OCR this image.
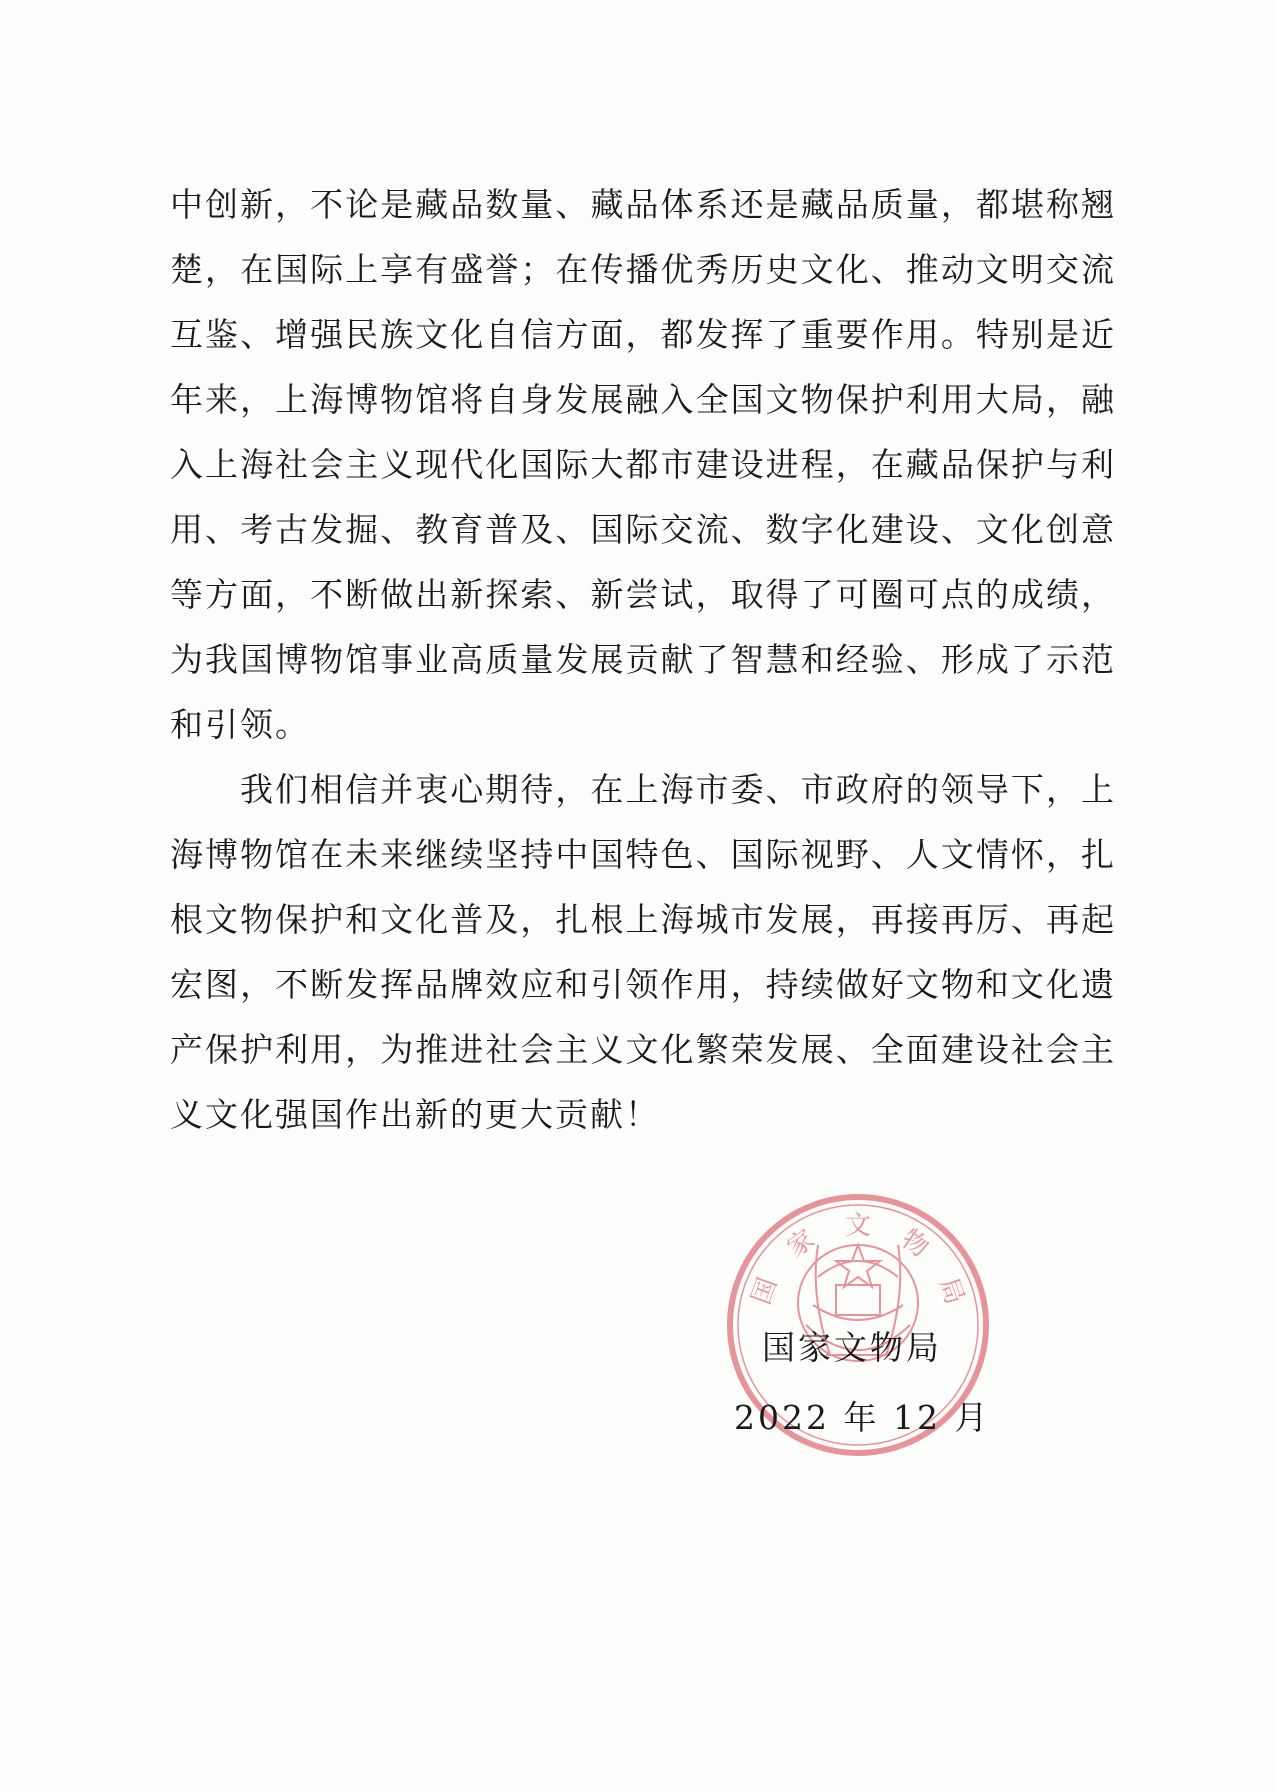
中创新，不论是藏品数量、藏品体系还是藏品质量，都堪称翘
楚，在国际上享有盛誉；在传播优秀历史文化、推动文明交流
互鉴、增强民族文化自信方面，都发挥了重要作用。特别是近
年来，上海博物馆将自身发展融入全国文物保护利用大局，融
入上海社会主义现代化国际大都市建设进程，在藏品保护与利
用、考古发掘、教育普及、国际交流、数字化建设、文化创意
等方面，不断做出新探索、新尝试，取得了可圈可点的成绩，
为我国博物馆事业高质量发展贡献了智慧和经验、形成了示范
和引领。
我们相信并衷心期待，在上海市委、市政府的领导下，上
海博物馆在未来继续坚持中国特色、国际视野、人文情怀，扎
根文物保护和文化普及，扎根上海城市发展，再接再厉、再起
宏图，不断发挥品牌效应和引领作用，持续做好文物和文化遗
产保护利用，为推进社会主义文化繁荣发展、全面建设社会主
义文化强国作出新的更大贡献！
国
家 文 物
局
国家文物局
2022 年 12 月
